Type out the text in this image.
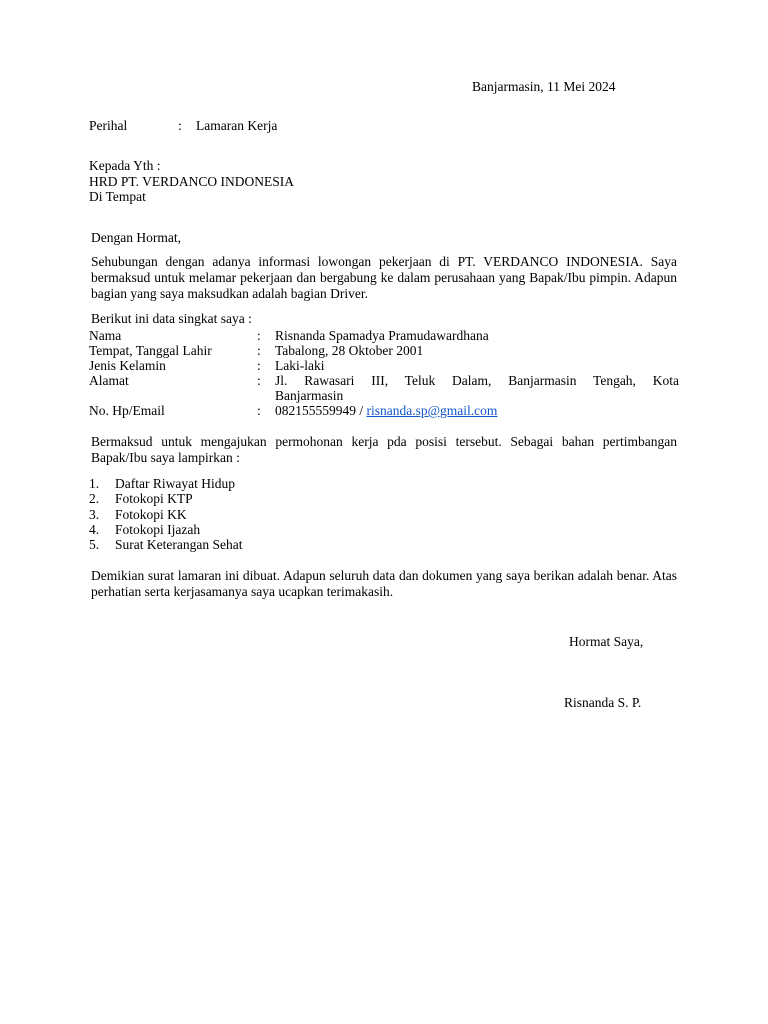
Banjarmasin, 11 Mei 2024
Perihal	: Lamaran Kerja
Kepada Yth :
HRD PT. VERDANCO INDONESIA
Di Tempat
Dengan Hormat,
Sehubungan dengan adanya informasi lowongan pekerjaan di PT. VERDANCO INDONESIA. Saya bermaksud untuk melamar pekerjaan dan bergabung ke dalam perusahaan yang Bapak/Ibu pimpin. Adapun bagian yang saya maksudkan adalah bagian Driver.
Berikut ini data singkat saya :
Nama	:	Risnanda Spamadya Pramudawardhana
Tempat, Tanggal Lahir	:	Tabalong, 28 Oktober 2001
Jenis Kelamin	:	Laki-laki
Alamat	:	Jl. Rawasari III, Teluk Dalam, Banjarmasin Tengah, Kota
Banjarmasin

No. Hp/Email	:	082155559949 / risnanda.sp@gmail.com
Bermaksud untuk mengajukan permohonan kerja pda posisi tersebut. Sebagai bahan pertimbangan Bapak/Ibu saya lampirkan :
1. Daftar Riwayat Hidup
2. Fotokopi KTP
3. Fotokopi KK
4. Fotokopi Ijazah
5. Surat Keterangan Sehat
Demikian surat lamaran ini dibuat. Adapun seluruh data dan dokumen yang saya berikan adalah benar. Atas perhatian serta kerjasamanya saya ucapkan terimakasih.
Hormat Saya,
Risnanda S. P.
